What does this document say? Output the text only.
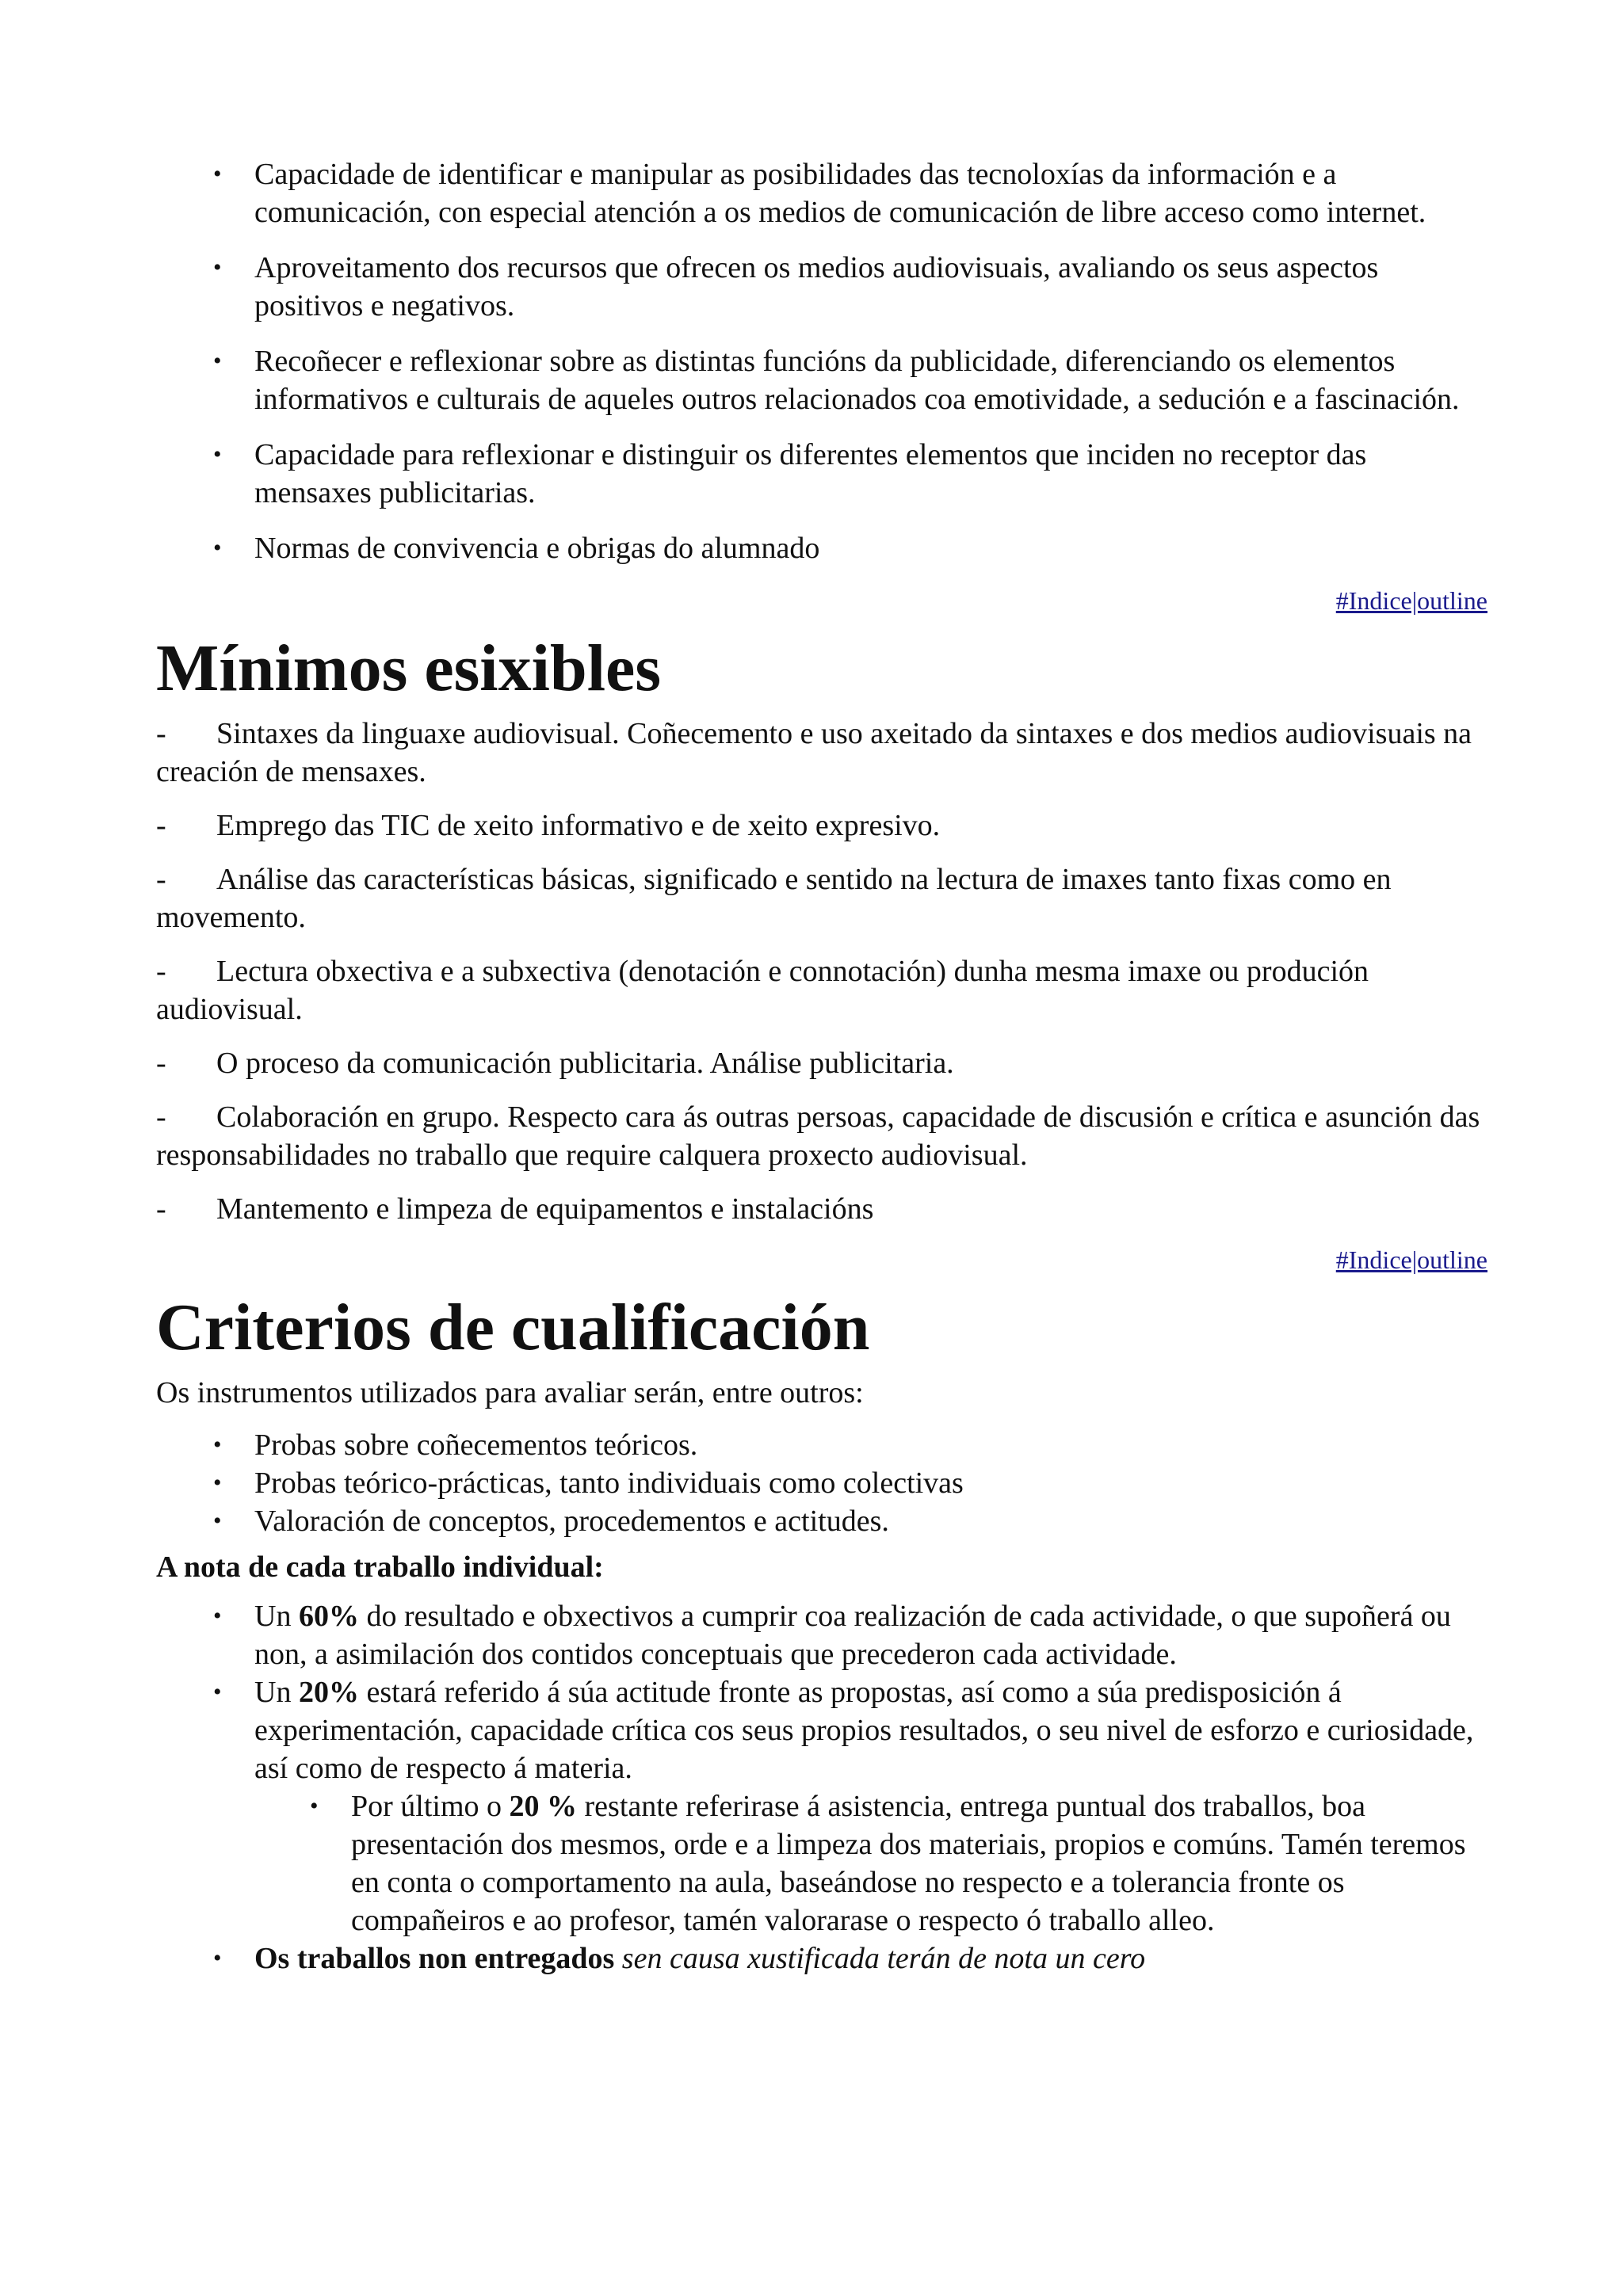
• Capacidade de identificar e manipular as posibilidades das tecnoloxías da información e a comunicación, con especial atención a os medios de comunicación de libre acceso como internet.
• Aproveitamento dos recursos que ofrecen os medios audiovisuais, avaliando os seus aspectos positivos e negativos.
• Recoñecer e reflexionar sobre as distintas funcións da publicidade, diferenciando os elementos informativos e culturais de aqueles outros relacionados coa emotividade, a sedución e a fascinación.
• Capacidade para reflexionar e distinguir os diferentes elementos que inciden no receptor das mensaxes publicitarias.
• Normas de convivencia e obrigas do alumnado
#Indice|outline
Mínimos esixibles
- Sintaxes da linguaxe audiovisual. Coñecemento e uso axeitado da sintaxes e dos medios audiovisuais na creación de mensaxes.
- Emprego das TIC de xeito informativo e de xeito expresivo.
- Análise das características básicas, significado e sentido na lectura de imaxes tanto fixas como en movemento.
- Lectura obxectiva e a subxectiva (denotación e connotación) dunha mesma imaxe ou produción audiovisual.
- O proceso da comunicación publicitaria. Análise publicitaria.
- Colaboración en grupo. Respecto cara ás outras persoas, capacidade de discusión e crítica e asunción das responsabilidades no traballo que require calquera proxecto audiovisual.
- Mantemento e limpeza de equipamentos e instalacións
#Indice|outline
Criterios de cualificación

Os instrumentos utilizados para avaliar serán, entre outros:

• Probas sobre coñecementos teóricos.
• Probas teórico-prácticas, tanto individuais como colectivas
• Valoración de conceptos, procedementos e actitudes.

A nota de cada traballo individual:

• Un 60% do resultado e obxectivos a cumprir coa realización de cada actividade, o que supoñerá ou non, a asimilación dos contidos conceptuais que precederon cada actividade.
• Un 20% estará referido á súa actitude fronte as propostas, así como a súa predisposición á experimentación, capacidade crítica cos seus propios resultados, o seu nivel de esforzo e curiosidade, así como de respecto á materia.
• Por último o 20 % restante referirase á asistencia, entrega puntual dos traballos, boa presentación dos mesmos, orde e a limpeza dos materiais, propios e comúns. Tamén teremos en conta o comportamento na aula, baseándose no respecto e a tolerancia fronte os compañeiros e ao profesor, tamén valorarase o respecto ó traballo alleo.
• Os traballos non entregados sen causa xustificada terán de nota un cero
